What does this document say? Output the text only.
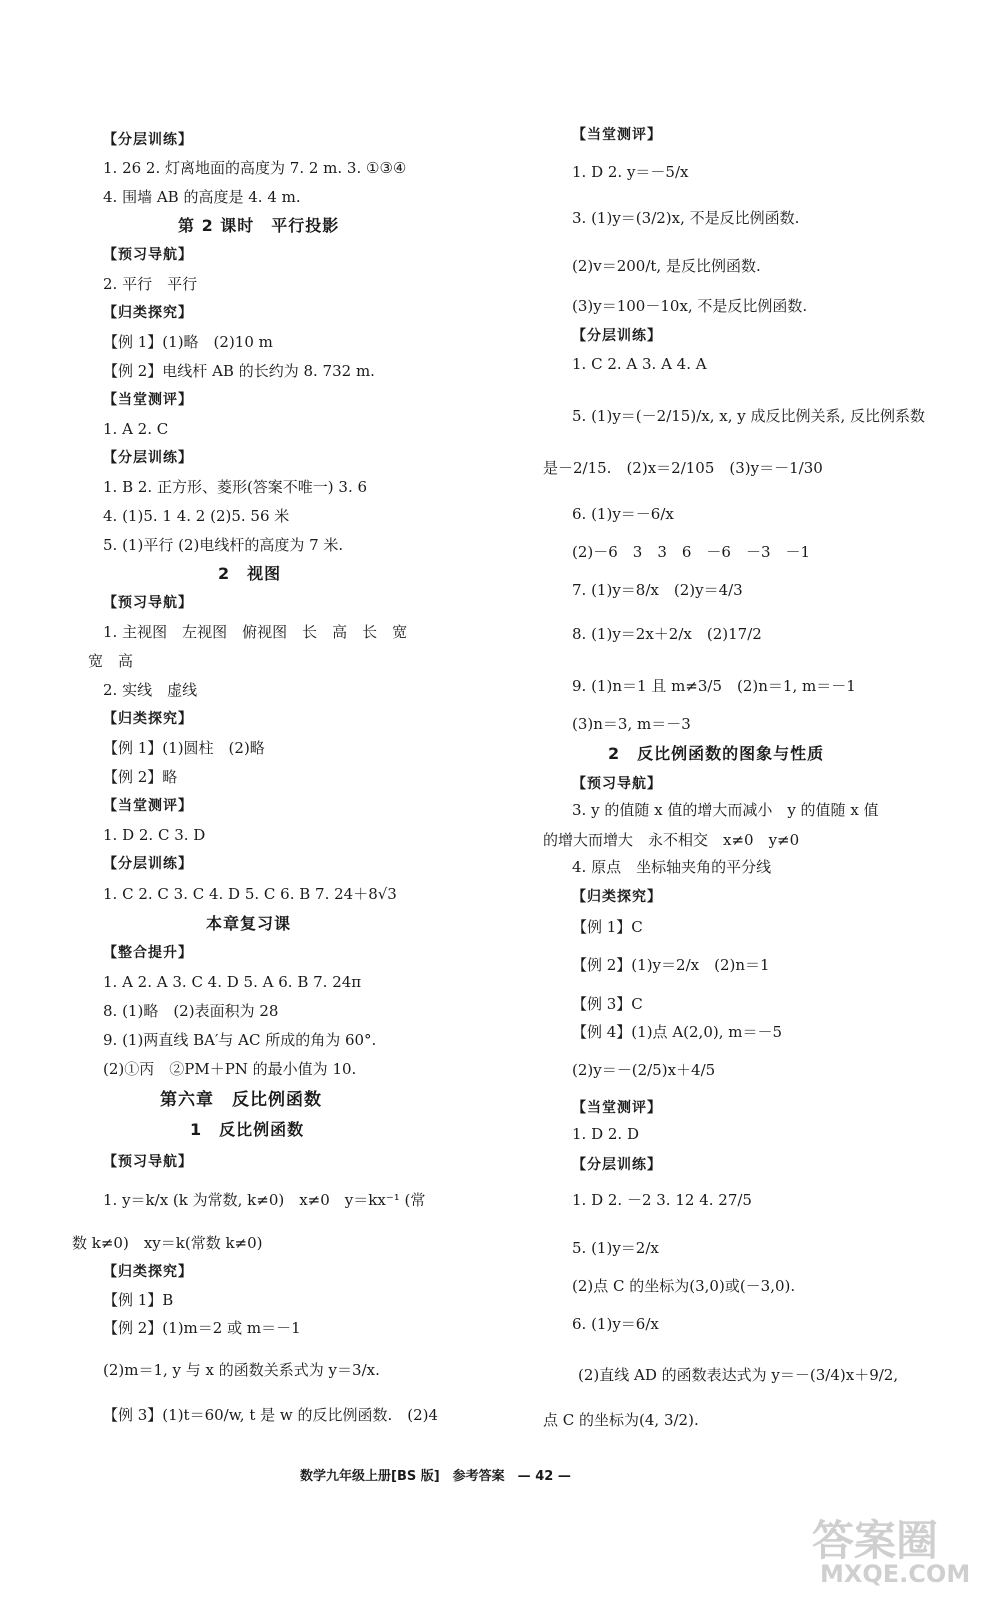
【分层训练】
1. 26 2. 灯离地面的高度为 7. 2 m. 3. ①③④
4. 围墙 AB 的高度是 4. 4 m.
第 2 课时　平行投影
【预习导航】
2. 平行　平行
【归类探究】
【例 1】(1)略　(2)10 m
【例 2】电线杆 AB 的长约为 8. 732 m.
【当堂测评】
1. A 2. C
【分层训练】
1. B 2. 正方形、菱形(答案不唯一) 3. 6
4. (1)5. 1 4. 2 (2)5. 56 米
5. (1)平行 (2)电线杆的高度为 7 米.
2　视图
【预习导航】
1. 主视图　左视图　俯视图　长　高　长　宽
宽　高
2. 实线　虚线
【归类探究】
【例 1】(1)圆柱　(2)略
【例 2】略
【当堂测评】
1. D 2. C 3. D
【分层训练】
1. C 2. C 3. C 4. D 5. C 6. B 7. 24＋8√3
本章复习课
【整合提升】
1. A 2. A 3. C 4. D 5. A 6. B 7. 24π
8. (1)略　(2)表面积为 28
9. (1)两直线 BA′与 AC 所成的角为 60°.
(2)①丙　②PM＋PN 的最小值为 10.
第六章　反比例函数
1　反比例函数
【预习导航】
1. y＝k/x (k 为常数, k≠0)　x≠0　y＝kx⁻¹ (常
数 k≠0)　xy＝k(常数 k≠0)
【归类探究】
【例 1】B
【例 2】(1)m＝2 或 m＝－1
(2)m＝1, y 与 x 的函数关系式为 y＝3/x.
【例 3】(1)t＝60/w, t 是 w 的反比例函数.　(2)4
【当堂测评】
1. D 2. y＝－5/x
3. (1)y＝(3/2)x, 不是反比例函数.
(2)v＝200/t, 是反比例函数.
(3)y＝100－10x, 不是反比例函数.
【分层训练】
1. C 2. A 3. A 4. A
5. (1)y＝(－2/15)/x, x, y 成反比例关系, 反比例系数
是－2/15.　(2)x＝2/105　(3)y＝－1/30
6. (1)y＝－6/x
(2)－6　3　3　6　－6　－3　－1
7. (1)y＝8/x　(2)y＝4/3
8. (1)y＝2x＋2/x　(2)17/2
9. (1)n＝1 且 m≠3/5　(2)n＝1, m＝－1
(3)n＝3, m＝－3
2　反比例函数的图象与性质
【预习导航】
3. y 的值随 x 值的增大而减小　y 的值随 x 值
的增大而增大　永不相交　x≠0　y≠0
4. 原点　坐标轴夹角的平分线
【归类探究】
【例 1】C
【例 2】(1)y＝2/x　(2)n＝1
【例 3】C
【例 4】(1)点 A(2,0), m＝－5
(2)y＝－(2/5)x＋4/5
【当堂测评】
1. D 2. D
【分层训练】
1. D 2. －2 3. 12 4. 27/5
5. (1)y＝2/x
(2)点 C 的坐标为(3,0)或(－3,0).
6. (1)y＝6/x
(2)直线 AD 的函数表达式为 y＝－(3/4)x＋9/2,
点 C 的坐标为(4, 3/2).
数学九年级上册[BS 版]　参考答案　— 42 —
答案圈
MXQE.COM
